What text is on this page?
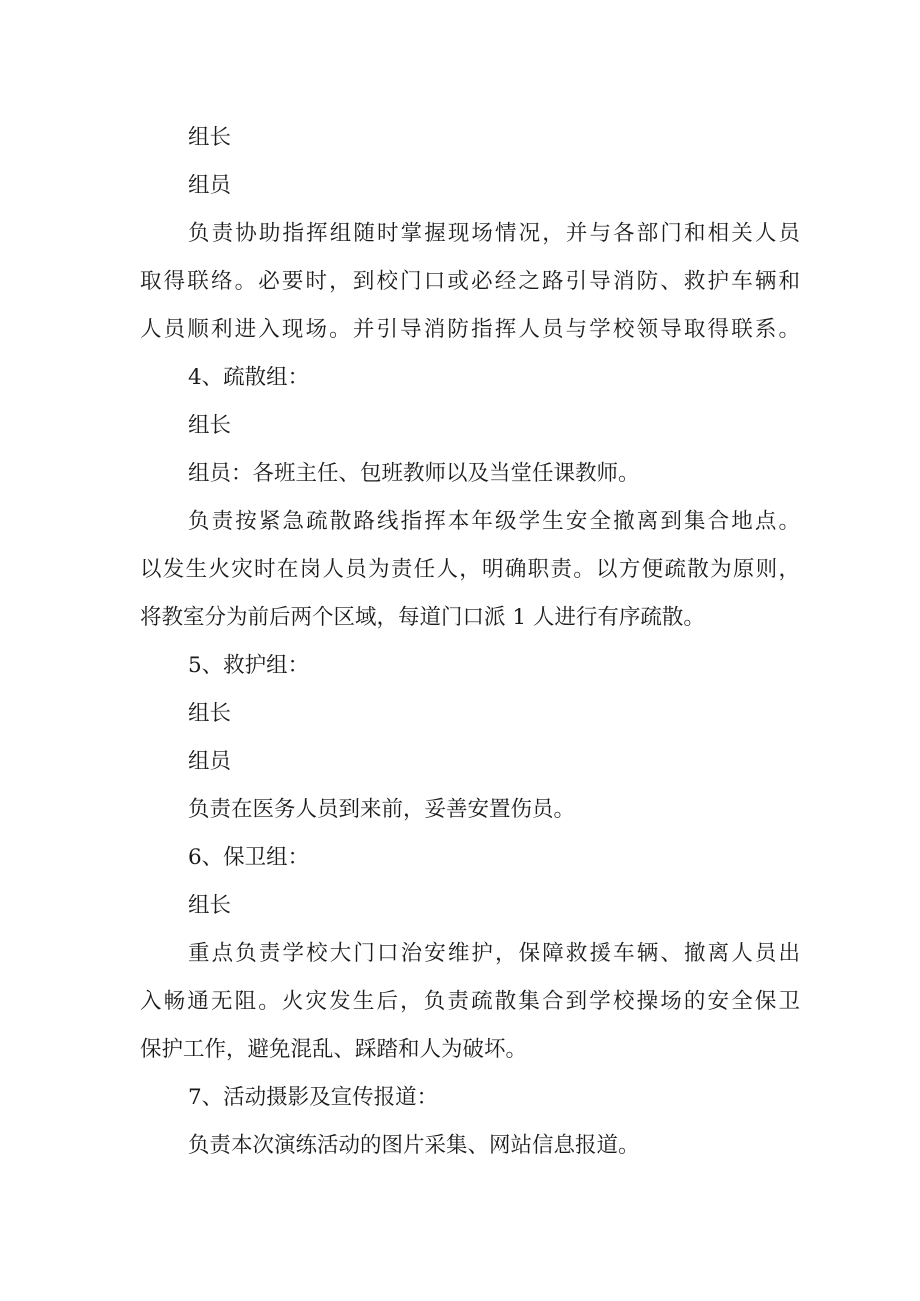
组长
组员
负责协助指挥组随时掌握现场情况，并与各部门和相关人员
取得联络。必要时，到校门口或必经之路引导消防、救护车辆和
人员顺利进入现场。并引导消防指挥人员与学校领导取得联系。
4、疏散组：
组长
组员：各班主任、包班教师以及当堂任课教师。
负责按紧急疏散路线指挥本年级学生安全撤离到集合地点。
以发生火灾时在岗人员为责任人，明确职责。以方便疏散为原则，
将教室分为前后两个区域，每道门口派 1 人进行有序疏散。
5、救护组：
组长
组员
负责在医务人员到来前，妥善安置伤员。
6、保卫组：
组长
重点负责学校大门口治安维护，保障救援车辆、撤离人员出
入畅通无阻。火灾发生后，负责疏散集合到学校操场的安全保卫
保护工作，避免混乱、踩踏和人为破坏。
7、活动摄影及宣传报道：
负责本次演练活动的图片采集、网站信息报道。
